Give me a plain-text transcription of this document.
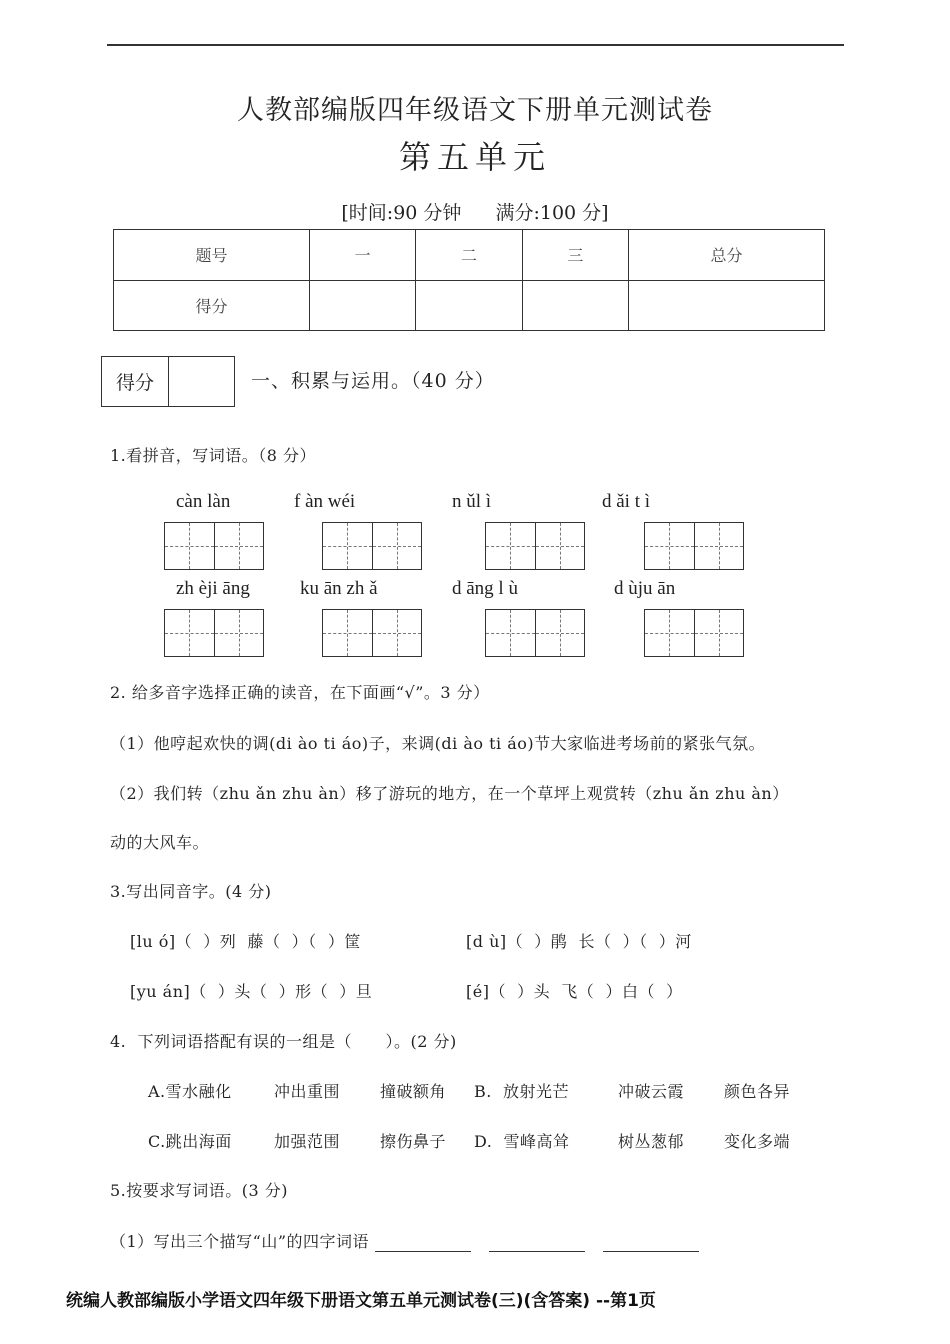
人教部编版四年级语文下册单元测试卷
第五单元
[时间:90 分钟 满分:100 分]
题号	一	二	三	总分
得分				
得分	一、积累与运用。（40 分）
1.看拼音，写词语。（8 分）
càn làn	f àn wéi	n ǔl ì	d ǎi t ì
zh èji āng	ku ān zh ǎ	d āng l ù	d ùju ān
2. 给多音字选择正确的读音，在下面画“√”。3 分）
（1）他哼起欢快的调(di ào ti áo)子，来调(di ào ti áo)节大家临进考场前的紧张气氛。
（2）我们转（zhu ǎn zhu àn）移了游玩的地方，在一个草坪上观赏转（zhu ǎn zhu àn）
动的大风车。
3.写出同音字。(4 分)
[lu ó]（  ）列  藤（  ）（  ）筐	[d ù]（  ）鹃  长（  ）（  ）河
[yu án]（  ）头（  ）形（  ）旦	[é]（  ）头  飞（  ）白（  ）
4.  下列词语搭配有误的一组是（      ）。(2 分)
A.雪水融化	冲出重围 撞破额角	B.  放射光芒	冲破云霞 颜色各异
C.跳出海面	加强范围 擦伤鼻子	D.  雪峰高耸	树丛葱郁 变化多端
5.按要求写词语。(3 分)
（1）写出三个描写“山”的四字词语
统编人教部编版小学语文四年级下册语文第五单元测试卷(三)(含答案) --第1页
